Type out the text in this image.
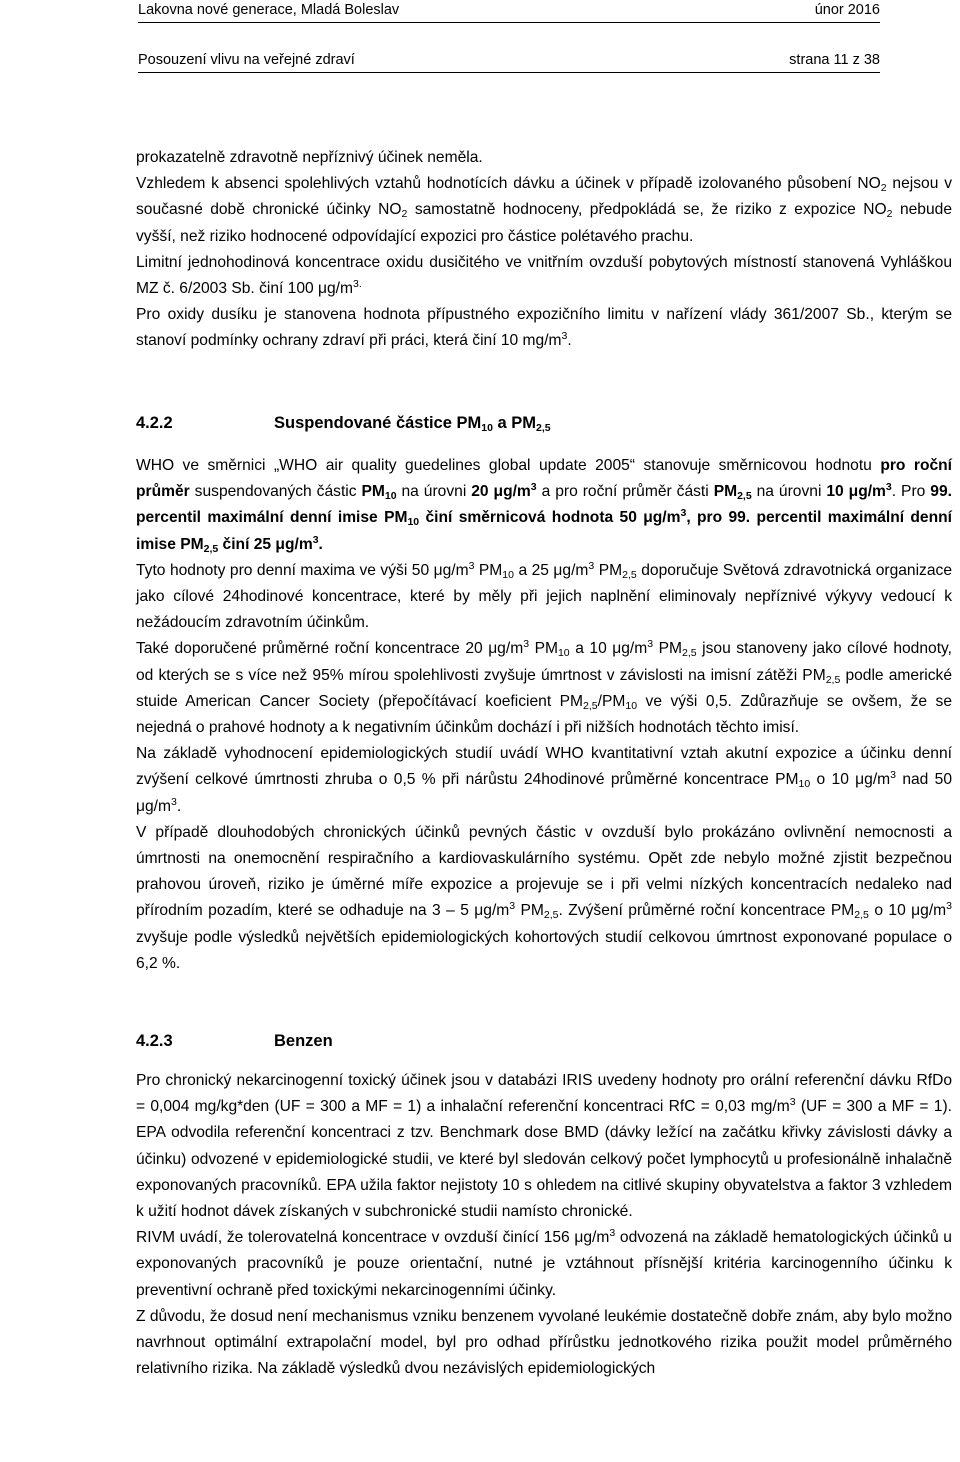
Lakovna nové generace, Mladá Boleslav	únor 2016
Posouzení vlivu na veřejné zdraví	strana 11 z 38

prokazatelně zdravotně nepříznivý účinek neměla.

Vzhledem k absenci spolehlivých vztahů hodnotících dávku a účinek v případě izolovaného působení $NO_2$ nejsou v současné době chronické účinky $NO_2$ samostatně hodnoceny, předpokládá se, že riziko z expozice $NO_2$ nebude vyšší, než riziko hodnocené odpovídající expozici pro částice polétavého prachu.

Limitní jednohodinová koncentrace oxidu dusičitého ve vnitřním ovzduší pobytových místností stanovená Vyhláškou MZ č. 6/2003 Sb. činí 100 $\mu g/m^{3.}$

Pro oxidy dusíku je stanovena hodnota přípustného expozičního limitu v nařízení vlády 361/2007 Sb., kterým se stanoví podmínky ochrany zdraví při práci, která činí 10 $mg/m^3$.

4.2.2	Suspendované částice $PM_{10}$ a $PM_{2,5}$

WHO ve směrnici „WHO air quality guedelines global update 2005“ stanovuje směrnicovou hodnotu pro roční průměr suspendovaných částic $PM_{10}$ na úrovni 20 $\mu g/m^3$ a pro roční průměr části $PM_{2,5}$ na úrovni 10 $\mu g/m^3$. Pro 99. percentil maximální denní imise $PM_{10}$ činí směrnicová hodnota 50 $\mu g/m^3$, pro 99. percentil maximální denní imise $PM_{2,5}$ činí 25 $\mu g/m^3$.

Tyto hodnoty pro denní maxima ve výši 50 $\mu g/m^3$ $PM_{10}$ a 25 $\mu g/m^3$ $PM_{2,5}$ doporučuje Světová zdravotnická organizace jako cílové 24hodinové koncentrace, které by měly při jejich naplnění eliminovaly nepříznivé výkyvy vedoucí k nežádoucím zdravotním účinkům.

Také doporučené průměrné roční koncentrace 20 $\mu g/m^3$ $PM_{10}$ a 10 $\mu g/m^3$ $PM_{2,5}$ jsou stanoveny jako cílové hodnoty, od kterých se s více než 95% mírou spolehlivosti zvyšuje úmrtnost v závislosti na imisní zátěži $PM_{2,5}$ podle americké stuide American Cancer Society (přepočítávací koeficient $PM_{2,5}/PM_{10}$ ve výši 0,5. Zdůrazňuje se ovšem, že se nejedná o prahové hodnoty a k negativním účinkům dochází i při nižších hodnotách těchto imisí.

Na základě vyhodnocení epidemiologických studií uvádí WHO kvantitativní vztah akutní expozice a účinku denní zvýšení celkové úmrtnosti zhruba o 0,5 % při nárůstu 24hodinové průměrné koncentrace $PM_{10}$ o 10 $\mu g/m^3$ nad 50 $\mu g/m^3$.

V případě dlouhodobých chronických účinků pevných částic v ovzduší bylo prokázáno ovlivnění nemocnosti a úmrtnosti na onemocnění respiračního a kardiovaskulárního systému. Opět zde nebylo možné zjistit bezpečnou prahovou úroveň, riziko je úměrné míře expozice a projevuje se i při velmi nízkých koncentracích nedaleko nad přírodním pozadím, které se odhaduje na 3 – 5 $\mu g/m^3$ $PM_{2,5}$. Zvýšení průměrné roční koncentrace $PM_{2,5}$ o 10 $\mu g/m^3$ zvyšuje podle výsledků největších epidemiologických kohortových studií celkovou úmrtnost exponované populace o 6,2 %.

4.2.3	Benzen

Pro chronický nekarcinogenní toxický účinek jsou v databázi IRIS uvedeny hodnoty pro orální referenční dávku RfDo = 0,004 mg/kg*den (UF = 300 a MF = 1) a inhalační referenční koncentraci RfC = 0,03 $mg/m^3$ (UF = 300 a MF = 1). EPA odvodila referenční koncentraci z tzv. Benchmark dose BMD (dávky ležící na začátku křivky závislosti dávky a účinku) odvozené v epidemiologické studii, ve které byl sledován celkový počet lymphocytů u profesionálně inhalačně exponovaných pracovníků. EPA užila faktor nejistoty 10 s ohledem na citlivé skupiny obyvatelstva a faktor 3 vzhledem k užití hodnot dávek získaných v subchronické studii namísto chronické.

RIVM uvádí, že tolerovatelná koncentrace v ovzduší činící 156 $\mu g/m^3$ odvozená na základě hematologických účinků u exponovaných pracovníků je pouze orientační, nutné je vztáhnout přísnější kritéria karcinogenního účinku k preventivní ochraně před toxickými nekarcinogenními účinky.

Z důvodu, že dosud není mechanismus vzniku benzenem vyvolané leukémie dostatečně dobře znám, aby bylo možno navrhnout optimální extrapolační model, byl pro odhad přírůstku jednotkového rizika použit model průměrného relativního rizika. Na základě výsledků dvou nezávislých epidemiologických
